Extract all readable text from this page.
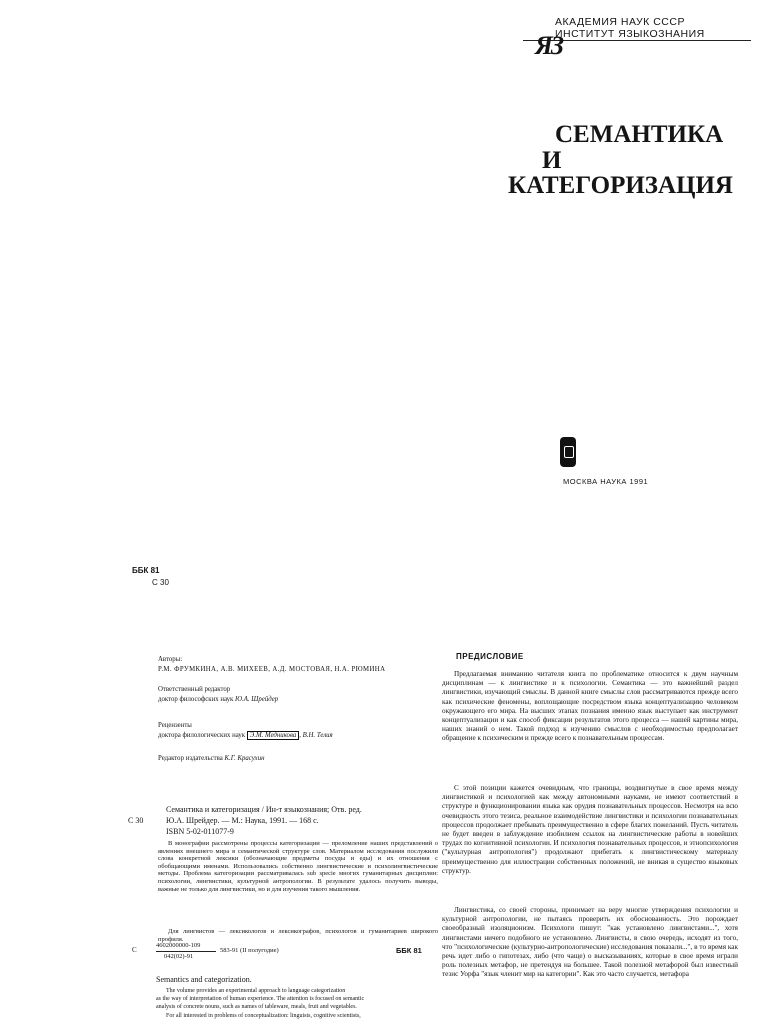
АКАДЕМИЯ НАУК СССР
ИНСТИТУТ ЯЗЫКОЗНАНИЯ
ЯЗ
СЕМАНТИКА
И
КАТЕГОРИЗАЦИЯ
МОСКВА НАУКА 1991
ББК 81
С 30
Авторы:
Р.М. ФРУМКИНА, А.В. МИХЕЕВ, А.Д. МОСТОВАЯ, Н.А. РЮМИНА
Ответственный редактор
доктор философских наук Ю.А. Шрейдер
Рецензенты
доктора филологических наук Э.М. Медникова , В.Н. Телия
Редактор издательства К.Г. Красухин
С 30
Семантика и категоризация / Ин-т языкознания; Отв. ред.
Ю.А. Шрейдер. — М.: Наука, 1991. — 168 с.
ISBN 5-02-011077-9
В монографии рассмотрены процессы категоризации — преломление наших представлений о явлениях внешнего мира в семантической структуре слов. Материалом исследования послужили слова конкретной лексики (обозначающие предметы посуды и еды) и их отношения с обобщающими именами. Использовались собственно лингвистические и психолингвистические методы. Проблема категоризации рассматривалась sub specie многих гуманитарных дисциплин: психологии, лингвистики, культурной антропологии. В результате удалось получить выводы, важные не только для лингвистики, но и для изучения такого мышления.
Для лингвистов — лексикологов и лексикографов, психологов и гуманитариев широкого профиля.
С
4602000000-109
042(02)-91
583-91 (II полугодие)	ББК 81
Semantics and categorization.
The volume provides an experimental approach to language categorization
as the way of interpretation of human experience. The attention is focused on semantic
analysis of concrete nouns, such as names of tableware, meals, fruit and vegetables.
For all interested in problems of conceptualization: linguists, cognitive scientists,
ПРЕДИСЛОВИЕ
Предлагаемая вниманию читателя книга по проблематике относится к двум научным дисциплинам — к лингвистике и к психологии. Семантика — это важнейший раздел лингвистики, изучающий смыслы. В данной книге смыслы слов рассматриваются прежде всего как психические феномены, воплощающие посредством языка концептуализацию человеком окружающего его мира. На высших этапах познания именно язык выступает как инструмент концептуализации и как способ фиксации результатов этого процесса — нашей картины мира, наших знаний о нем. Такой подход к изучению смыслов с необходимостью предполагает обращение к психическим и прежде всего к познавательным процессам.
С этой позиции кажется очевидным, что границы, воздвигнутые в свое время между лингвистикой и психологией как между автономными науками, не имеют соответствий в структуре и функционировании языка как орудия познавательных процессов. Несмотря на всю очевидность этого тезиса, реальное взаимодействие лингвистики и психологии познавательных процессов продолжает пребывать преимущественно в сфере благих пожеланий. Пусть читатель не будет введен в заблуждение изобилием ссылок на лингвистические работы в новейших трудах по когнитивной психологии. И психология познавательных процессов, и этнопсихология ("культурная антропология") продолжают прибегать к лингвистическому материалу преимущественно для иллюстрации собственных положений, не вникая в существо языковых структур.
Лингвистика, со своей стороны, принимает на веру многие утверждения психологии и культурной антропологии, не пытаясь проверить их обоснованность. Это порождает своеобразный изоляционизм. Психологи пишут: "как установлено лингвистами...", хотя лингвистами ничего подобного не установлено. Лингвисты, в свою очередь, исходят из того, что "психологические (культурно-антропологические) исследования показали...", в то время как речь идет либо о гипотезах, либо (что чаще) о высказываниях, которые в свое время играли роль полезных метафор, не претендуя на большее. Такой полезной метафорой был известный тезис Уорфа "язык членит мир на категории". Как это часто случается, метафора
